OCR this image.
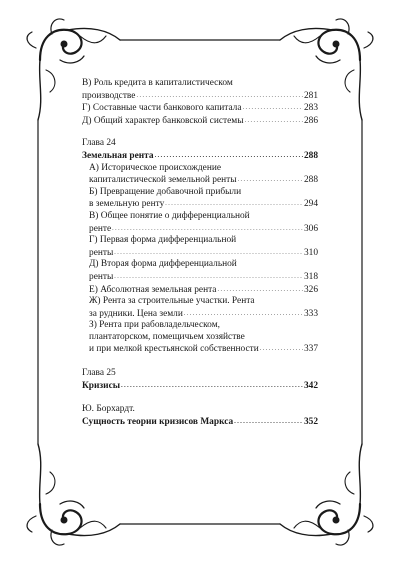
В) Роль кредита в капиталистическом
производстве . . .	281
Г) Составные части банкового капитала . . .	283
Д) Общий характер банковской системы . . .	286
Глава 24
Земельная рента . . .	288
А) Историческое происхождение
капиталистической земельной ренты . . .	288
Б) Превращение добавочной прибыли
в земельную ренту . . .	294
В) Общее понятие о дифференциальной
ренте . . .	306
Г) Первая форма дифференциальной
ренты . . .	310
Д) Вторая форма дифференциальной
ренты . . .	318
Е) Абсолютная земельная рента . . .	326
Ж) Рента за строительные участки. Рента
за рудники. Цена земли . . .	333
З) Рента при рабовладельческом,
плантаторском, помещичьем хозяйстве
и при мелкой крестьянской собственности . . .	337
Глава 25
Кризисы . . .	342
Ю. Борхардт.
Сущность теории кризисов Маркса . . .	352
